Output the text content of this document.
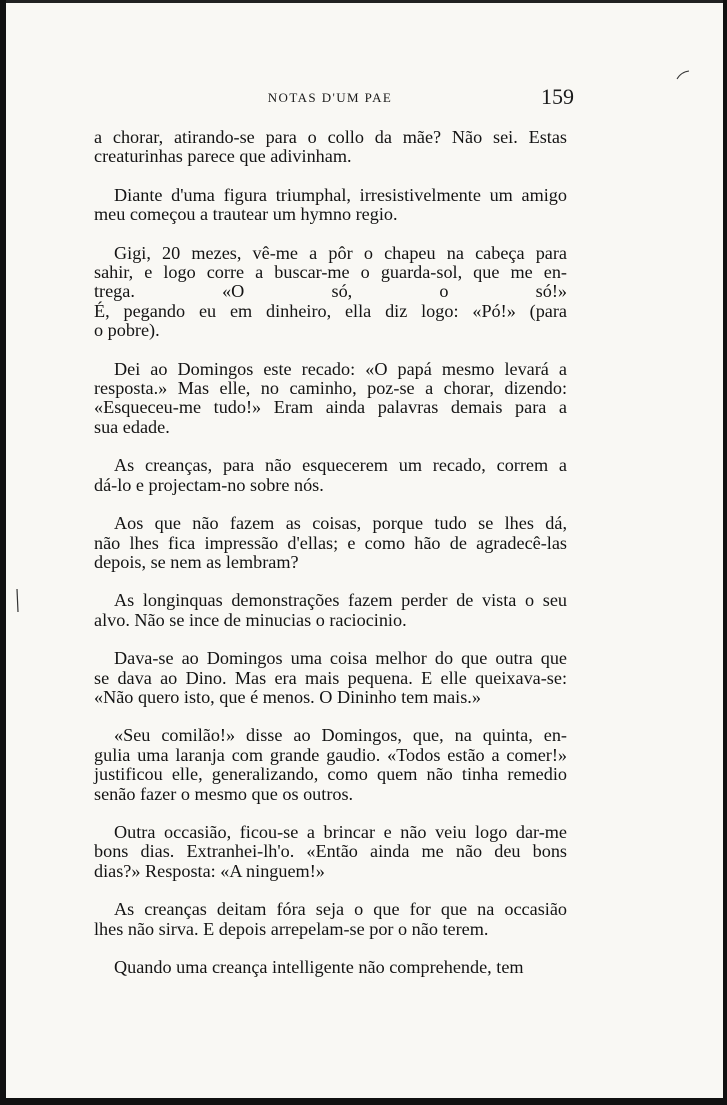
NOTAS D'UM PAE	159
a chorar, atirando-se para o collo da mãe? Não sei. Estas
creaturinhas parece que adivinham.
Diante d'uma figura triumphal, irresistivelmente um amigo
meu começou a trautear um hymno regio.
Gigi, 20 mezes, vê-me a pôr o chapeu na cabeça para
sahir, e logo corre a buscar-me o guarda-sol, que me en-
trega. «O só, o só!»
É, pegando eu em dinheiro, ella diz logo: «Pó!» (para
o pobre).
Dei ao Domingos este recado: «O papá mesmo levará a
resposta.» Mas elle, no caminho, poz-se a chorar, dizendo:
«Esqueceu-me tudo!» Eram ainda palavras demais para a
sua edade.
As creanças, para não esquecerem um recado, correm a
dá-lo e projectam-no sobre nós.
Aos que não fazem as coisas, porque tudo se lhes dá,
não lhes fica impressão d'ellas; e como hão de agradecê-las
depois, se nem as lembram?
As longinquas demonstrações fazem perder de vista o seu
alvo. Não se ince de minucias o raciocinio.
Dava-se ao Domingos uma coisa melhor do que outra que
se dava ao Dino. Mas era mais pequena. E elle queixava-se:
«Não quero isto, que é menos. O Dininho tem mais.»
«Seu comilão!» disse ao Domingos, que, na quinta, en-
gulia uma laranja com grande gaudio. «Todos estão a comer!»
justificou elle, generalizando, como quem não tinha remedio
senão fazer o mesmo que os outros.
Outra occasião, ficou-se a brincar e não veiu logo dar-me
bons dias. Extranhei-lh'o. «Então ainda me não deu bons
dias?» Resposta: «A ninguem!»
As creanças deitam fóra seja o que for que na occasião
lhes não sirva. E depois arrepelam-se por o não terem.
Quando uma creança intelligente não comprehende, tem
